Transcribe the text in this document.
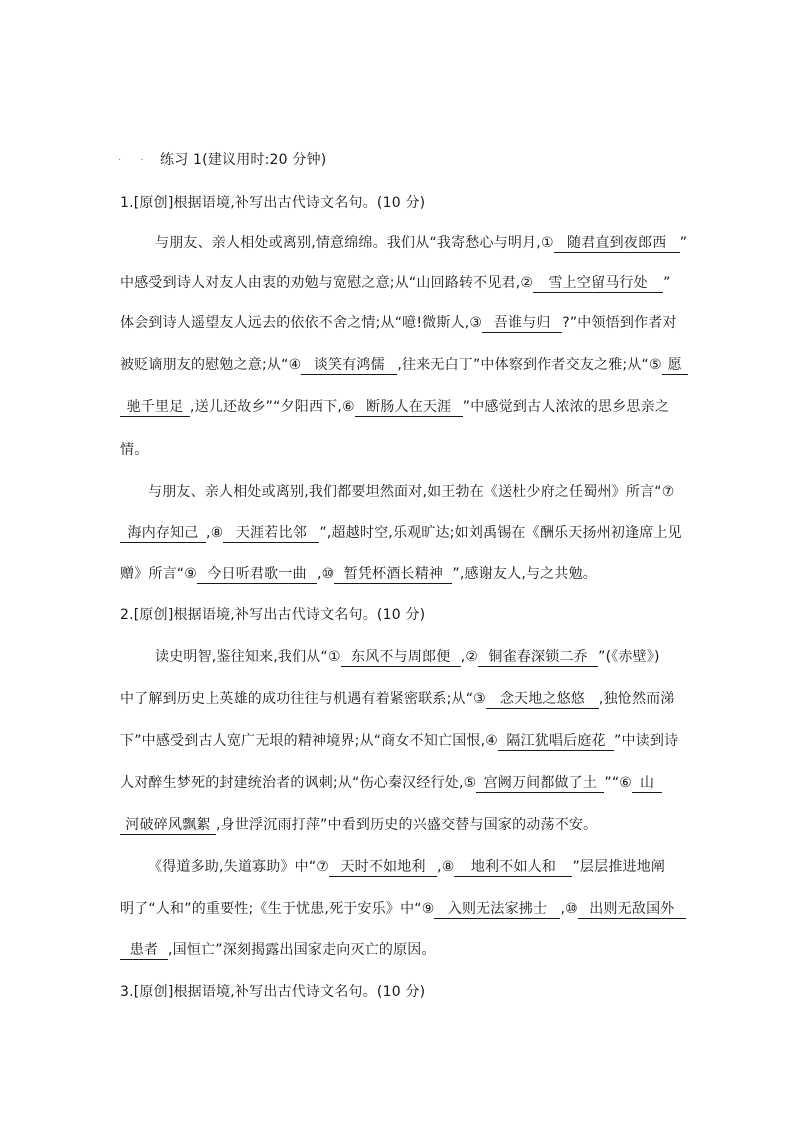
. . 练习 1(建议用时:20 分钟)
1.[原创]根据语境,补写出古代诗文名句。(10 分)
与朋友、亲人相处或离别,情意绵绵。我们从“我寄愁心与明月,① 随君直到夜郎西 ”
中感受到诗人对友人由衷的劝勉与宽慰之意;从“山回路转不见君,② 雪上空留马行处 ”
体会到诗人遥望友人远去的依依不舍之情;从“噫!微斯人,③ 吾谁与归 ?”中领悟到作者对
被贬谪朋友的慰勉之意;从“④ 谈笑有鸿儒 ,往来无白丁”中体察到作者交友之雅;从“⑤ 愿
驰千里足 ,送儿还故乡”“夕阳西下,⑥ 断肠人在天涯 ”中感觉到古人浓浓的思乡思亲之
情。
与朋友、亲人相处或离别,我们都要坦然面对,如王勃在《送杜少府之任蜀州》所言“⑦
海内存知己 ,⑧ 天涯若比邻 ”,超越时空,乐观旷达;如刘禹锡在《酬乐天扬州初逢席上见
赠》所言“⑨ 今日听君歌一曲 ,⑩ 暂凭杯酒长精神 ”,感谢友人,与之共勉。
2.[原创]根据语境,补写出古代诗文名句。(10 分)
读史明智,鉴往知来,我们从“① 东风不与周郎便 ,② 铜雀春深锁二乔 ”(《赤壁》)
中了解到历史上英雄的成功往往与机遇有着紧密联系;从“③ 念天地之悠悠 ,独怆然而涕
下”中感受到古人宽广无垠的精神境界;从“商女不知亡国恨,④ 隔江犹唱后庭花 ”中读到诗
人对醉生梦死的封建统治者的讽刺;从“伤心秦汉经行处,⑤ 宫阙万间都做了土 ”“⑥ 山
河破碎风飘絮 ,身世浮沉雨打萍”中看到历史的兴盛交替与国家的动荡不安。
《得道多助,失道寡助》中“⑦ 天时不如地利 ,⑧ 地利不如人和 ”层层推进地阐
明了“人和”的重要性;《生于忧患,死于安乐》中“⑨ 入则无法家拂士 ,⑩ 出则无敌国外
患者 ,国恒亡”深刻揭露出国家走向灭亡的原因。
3.[原创]根据语境,补写出古代诗文名句。(10 分)
